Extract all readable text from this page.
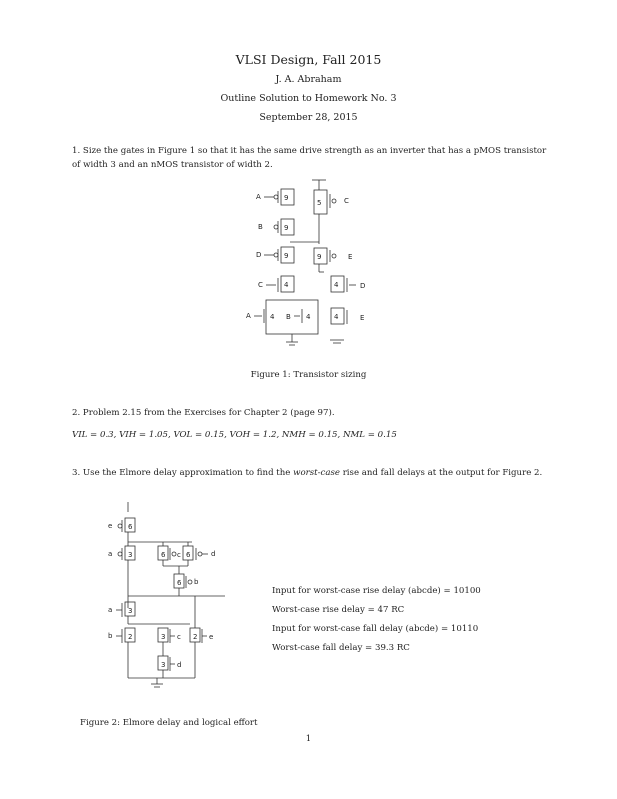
VLSI Design, Fall 2015

J. A. Abraham

Outline Solution to Homework No. 3

September 28, 2015

1. Size the gates in Figure 1 so that it has the same drive strength as an inverter that has a pMOS transistor of width 3 and an nMOS transistor of width 2.

A	9
B	9
D	9
5	C
9	E
C	4
A	4 B 4
4	D
4	E

Figure 1: Transistor sizing

2. Problem 2.15 from the Exercises for Chapter 2 (page 97).

VIL = 0.3, VIH = 1.05, VOL = 0.15, VOH = 1.2, NMH = 0.15, NML = 0.15

3. Use the Elmore delay approximation to find the worst-case rise and fall delays at the output for Figure 2.

e 6
a 3	6 c 6	d
6 b
a 3
b 2	3 c 2 e
3 d

Input for worst-case rise delay (abcde) = 10100

Worst-case rise delay = 47 RC

Input for worst-case fall delay (abcde) = 10110

Worst-case fall delay = 39.3 RC

Figure 2: Elmore delay and logical effort

1
